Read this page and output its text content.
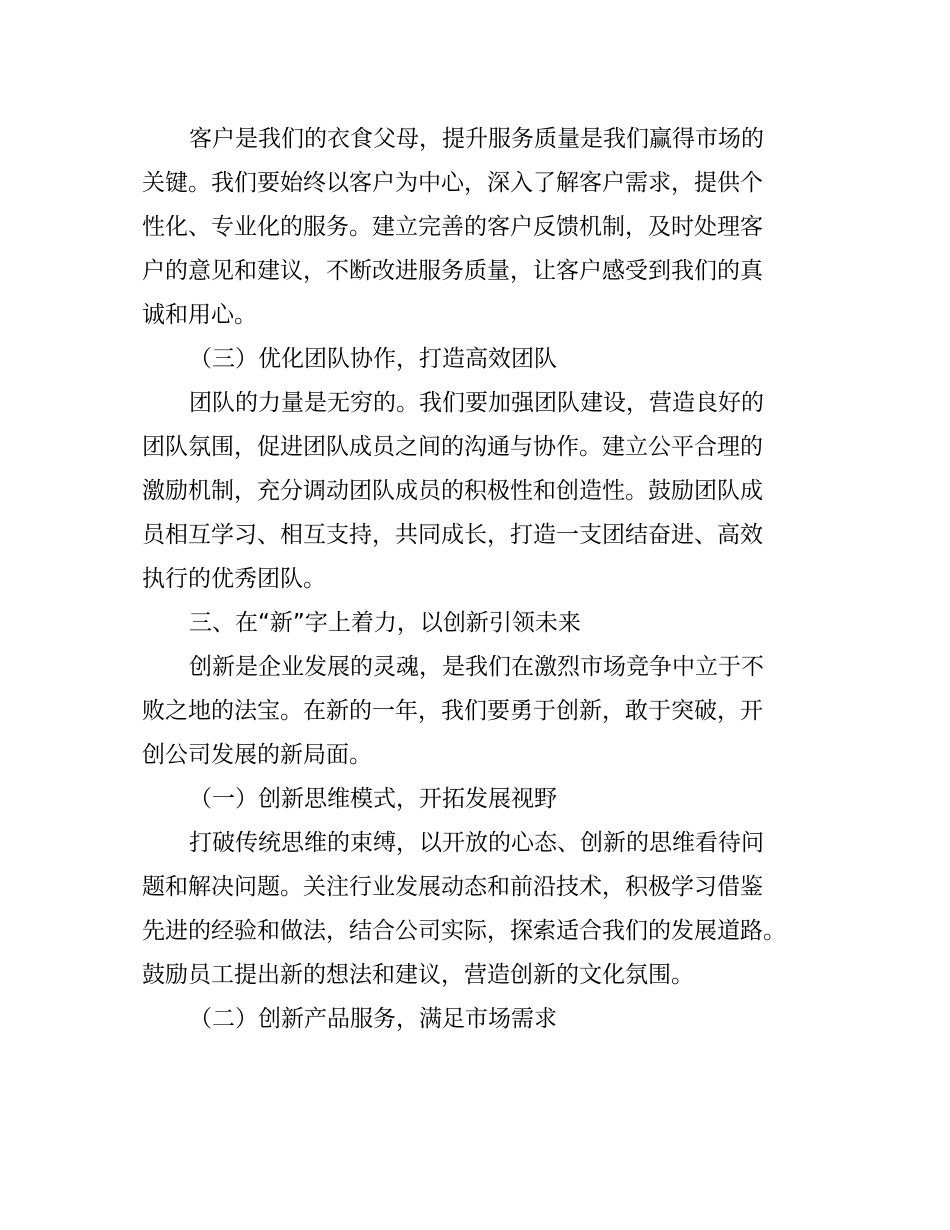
客户是我们的衣食父母，提升服务质量是我们赢得市场的
关键。我们要始终以客户为中心，深入了解客户需求，提供个
性化、专业化的服务。建立完善的客户反馈机制，及时处理客
户的意见和建议，不断改进服务质量，让客户感受到我们的真
诚和用心。
（三）优化团队协作，打造高效团队
团队的力量是无穷的。我们要加强团队建设，营造良好的
团队氛围，促进团队成员之间的沟通与协作。建立公平合理的
激励机制，充分调动团队成员的积极性和创造性。鼓励团队成
员相互学习、相互支持，共同成长，打造一支团结奋进、高效
执行的优秀团队。
三、在“新”字上着力，以创新引领未来
创新是企业发展的灵魂，是我们在激烈市场竞争中立于不
败之地的法宝。在新的一年，我们要勇于创新，敢于突破，开
创公司发展的新局面。
（一）创新思维模式，开拓发展视野
打破传统思维的束缚，以开放的心态、创新的思维看待问
题和解决问题。关注行业发展动态和前沿技术，积极学习借鉴
先进的经验和做法，结合公司实际，探索适合我们的发展道路。
鼓励员工提出新的想法和建议，营造创新的文化氛围。
（二）创新产品服务，满足市场需求
